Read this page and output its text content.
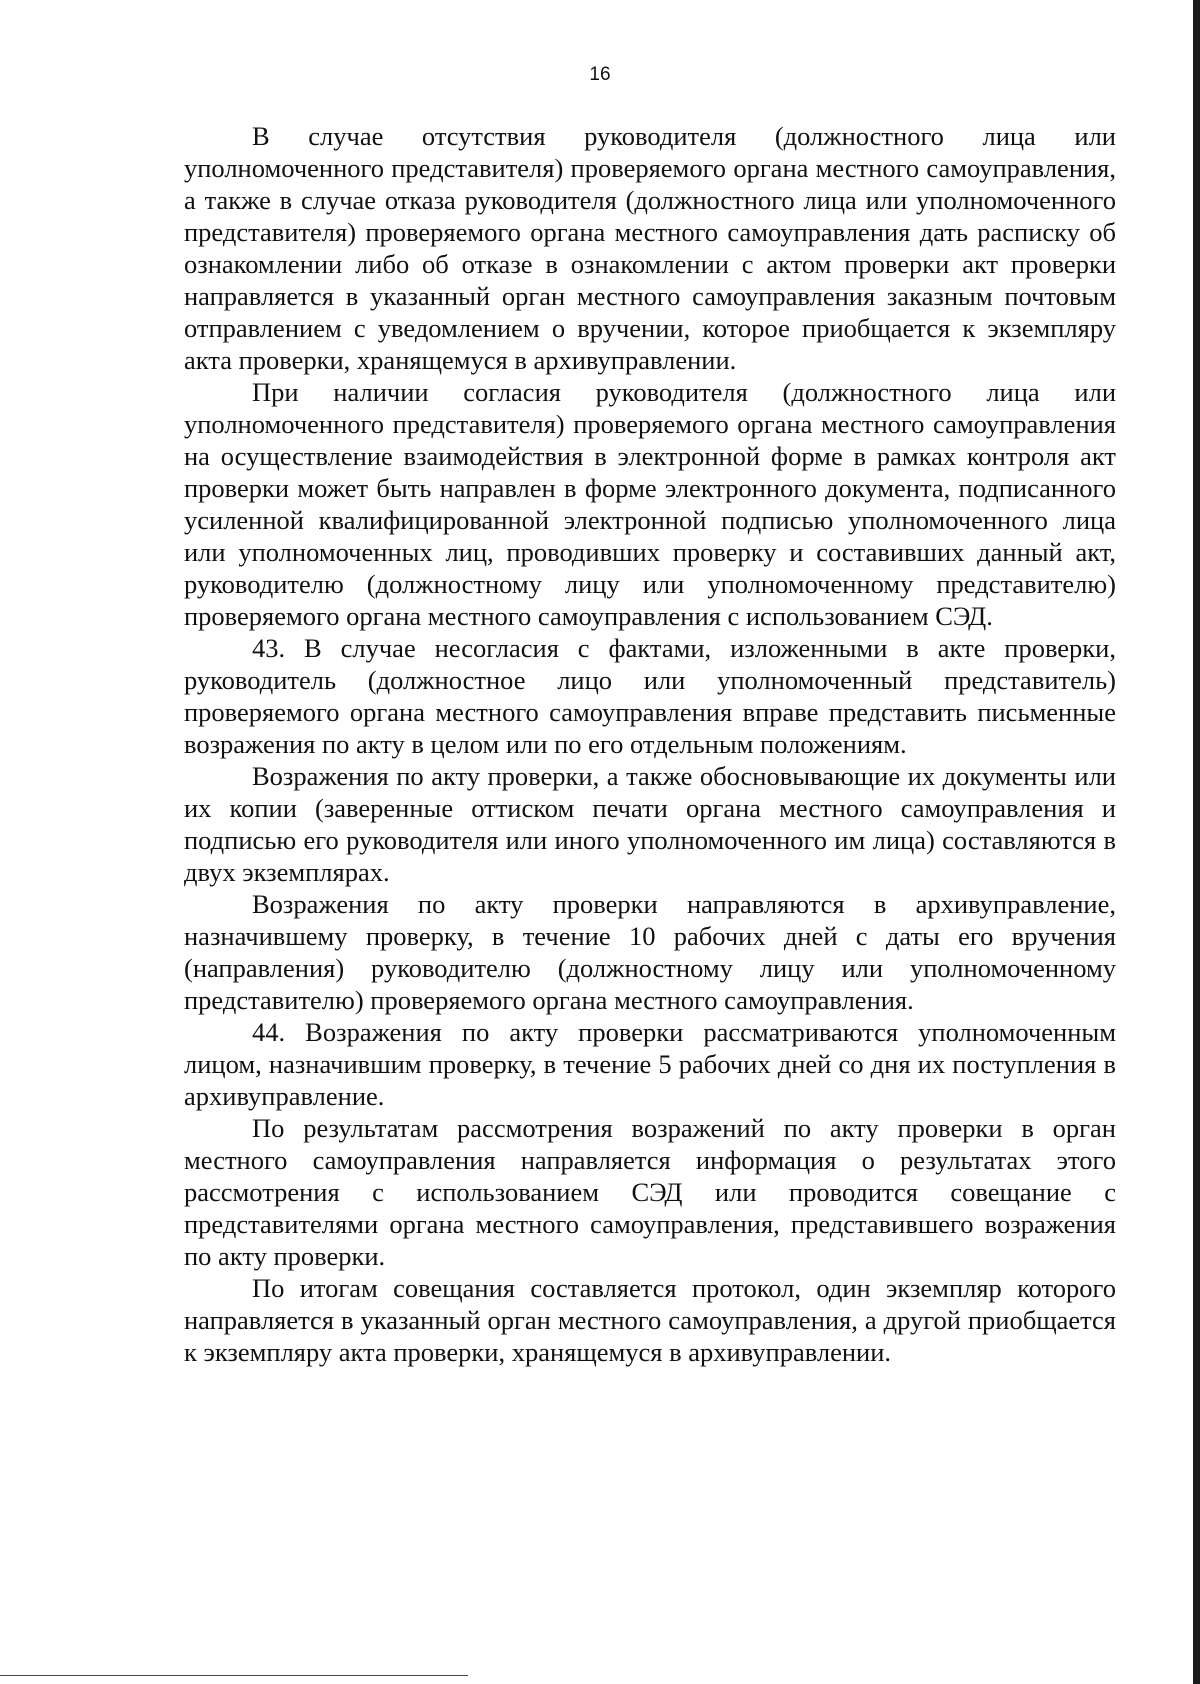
16

В случае отсутствия руководителя (должностного лица или уполномоченного представителя) проверяемого органа местного самоуправления, а также в случае отказа руководителя (должностного лица или уполномоченного представителя) проверяемого органа местного самоуправления дать расписку об ознакомлении либо об отказе в ознакомлении с актом проверки акт проверки направляется в указанный орган местного самоуправления заказным почтовым отправлением с уведомлением о вручении, которое приобщается к экземпляру акта проверки, хранящемуся в архивуправлении.

При наличии согласия руководителя (должностного лица или уполномоченного представителя) проверяемого органа местного самоуправления на осуществление взаимодействия в электронной форме в рамках контроля акт проверки может быть направлен в форме электронного документа, подписанного усиленной квалифицированной электронной подписью уполномоченного лица или уполномоченных лиц, проводивших проверку и составивших данный акт, руководителю (должностному лицу или уполномоченному представителю) проверяемого органа местного самоуправления с использованием СЭД.

43. В случае несогласия с фактами, изложенными в акте проверки, руководитель (должностное лицо или уполномоченный представитель) проверяемого органа местного самоуправления вправе представить письменные возражения по акту в целом или по его отдельным положениям.

Возражения по акту проверки, а также обосновывающие их документы или их копии (заверенные оттиском печати органа местного самоуправления и подписью его руководителя или иного уполномоченного им лица) составляются в двух экземплярах.

Возражения по акту проверки направляются в архивуправление, назначившему проверку, в течение 10 рабочих дней с даты его вручения (направления) руководителю (должностному лицу или уполномоченному представителю) проверяемого органа местного самоуправления.

44. Возражения по акту проверки рассматриваются уполномоченным лицом, назначившим проверку, в течение 5 рабочих дней со дня их поступления в архивуправление.

По результатам рассмотрения возражений по акту проверки в орган местного самоуправления направляется информация о результатах этого рассмотрения с использованием СЭД или проводится совещание с представителями органа местного самоуправления, представившего возражения по акту проверки.

По итогам совещания составляется протокол, один экземпляр которого направляется в указанный орган местного самоуправления, а другой приобщается к экземпляру акта проверки, хранящемуся в архивуправлении.
